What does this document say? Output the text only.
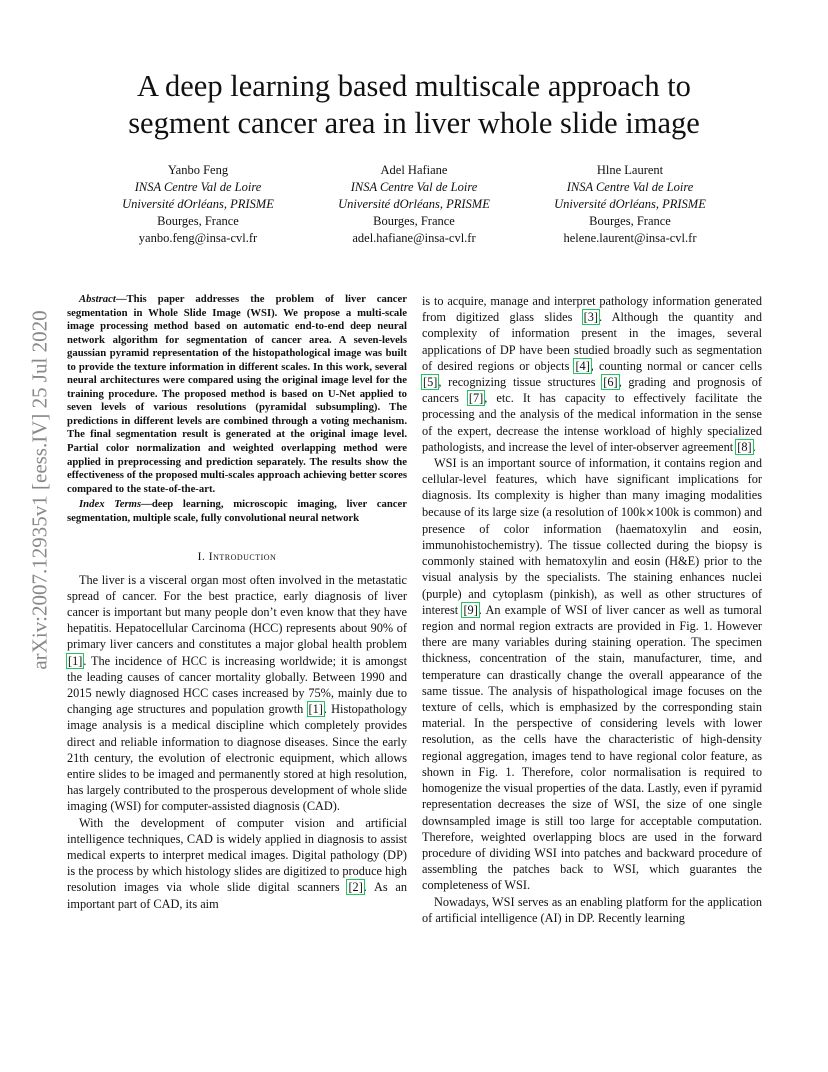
arXiv:2007.12935v1 [eess.IV] 25 Jul 2020
A deep learning based multiscale approach to
segment cancer area in liver whole slide image
Yanbo Feng
INSA Centre Val de Loire
Université dOrléans, PRISME
Bourges, France
yanbo.feng@insa-cvl.fr
Adel Hafiane
INSA Centre Val de Loire
Université dOrléans, PRISME
Bourges, France
adel.hafiane@insa-cvl.fr
Hlne Laurent
INSA Centre Val de Loire
Université dOrléans, PRISME
Bourges, France
helene.laurent@insa-cvl.fr

Abstract—This paper addresses the problem of liver cancer segmentation in Whole Slide Image (WSI). We propose a multi-scale image processing method based on automatic end-to-end deep neural network algorithm for segmentation of cancer area. A seven-levels gaussian pyramid representation of the histopathological image was built to provide the texture information in different scales. In this work, several neural architectures were compared using the original image level for the training procedure. The proposed method is based on U-Net applied to seven levels of various resolutions (pyramidal subsumpling). The predictions in different levels are combined through a voting mechanism. The final segmentation result is generated at the original image level. Partial color normalization and weighted overlapping method were applied in preprocessing and prediction separately. The results show the effectiveness of the proposed multi-scales approach achieving better scores compared to the state-of-the-art.

Index Terms—deep learning, microscopic imaging, liver cancer segmentation, multiple scale, fully convolutional neural network

I. Introduction

The liver is a visceral organ most often involved in the metastatic spread of cancer. For the best practice, early diagnosis of liver cancer is important but many people don’t even know that they have hepatitis. Hepatocellular Carcinoma (HCC) represents about 90% of primary liver cancers and constitutes a major global health problem [1]. The incidence of HCC is increasing worldwide; it is amongst the leading causes of cancer mortality globally. Between 1990 and 2015 newly diagnosed HCC cases increased by 75%, mainly due to changing age structures and population growth [1]. Histopathology image analysis is a medical discipline which completely provides direct and reliable information to diagnose diseases. Since the early 21th century, the evolution of electronic equipment, which allows entire slides to be imaged and permanently stored at high resolution, has largely contributed to the prosperous development of whole slide imaging (WSI) for computer-assisted diagnosis (CAD).

With the development of computer vision and artificial intelligence techniques, CAD is widely applied in diagnosis to assist medical experts to interpret medical images. Digital pathology (DP) is the process by which histology slides are digitized to produce high resolution images via whole slide digital scanners [2]. As an important part of CAD, its aim

is to acquire, manage and interpret pathology information generated from digitized glass slides [3]. Although the quantity and complexity of information present in the images, several applications of DP have been studied broadly such as segmentation of desired regions or objects [4], counting normal or cancer cells [5], recognizing tissue structures [6], grading and prognosis of cancers [7], etc. It has capacity to effectively facilitate the processing and the analysis of the medical information in the sense of the expert, decrease the intense workload of highly specialized pathologists, and increase the level of inter-observer agreement [8].

WSI is an important source of information, it contains region and cellular-level features, which have significant implications for diagnosis. Its complexity is higher than many imaging modalities because of its large size (a resolution of 100k×100k is common) and presence of color information (haematoxylin and eosin, immunohistochemistry). The tissue collected during the biopsy is commonly stained with hematoxylin and eosin (H&E) prior to the visual analysis by the specialists. The staining enhances nuclei (purple) and cytoplasm (pinkish), as well as other structures of interest [9]. An example of WSI of liver cancer as well as tumoral region and normal region extracts are provided in Fig. 1. However there are many variables during staining operation. The specimen thickness, concentration of the stain, manufacturer, time, and temperature can drastically change the overall appearance of the same tissue. The analysis of hispathological image focuses on the texture of cells, which is emphasized by the corresponding stain material. In the perspective of considering levels with lower resolution, as the cells have the characteristic of high-density regional aggregation, images tend to have regional color feature, as shown in Fig. 1. Therefore, color normalisation is required to homogenize the visual properties of the data. Lastly, even if pyramid representation decreases the size of WSI, the size of one single downsampled image is still too large for acceptable computation. Therefore, weighted overlapping blocs are used in the forward procedure of dividing WSI into patches and backward procedure of assembling the patches back to WSI, which guarantes the completeness of WSI.

Nowadays, WSI serves as an enabling platform for the application of artificial intelligence (AI) in DP. Recently learning
